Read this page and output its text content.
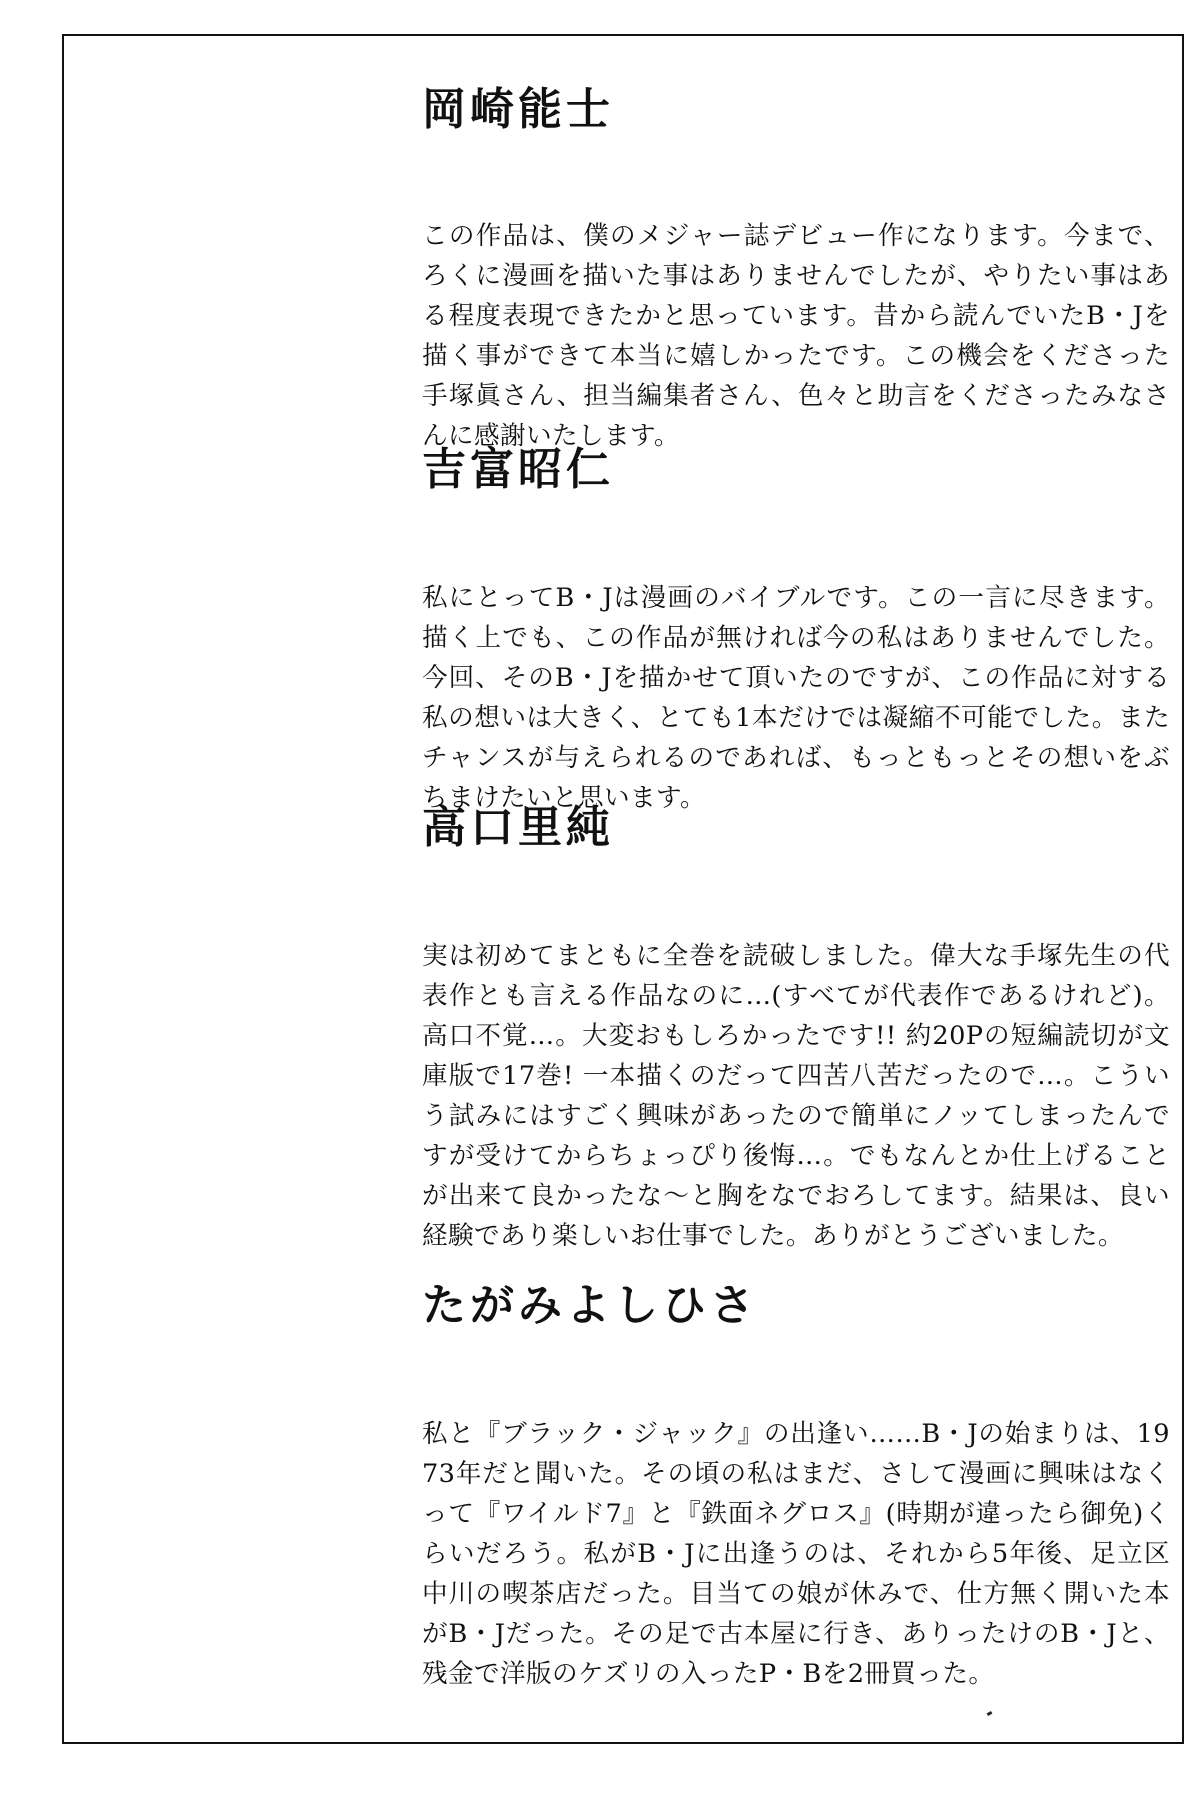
岡崎能士

この作品は、僕のメジャー誌デビュー作になります。今まで、ろくに漫画を描いた事はありませんでしたが、やりたい事はある程度表現できたかと思っています。昔から読んでいたB・Jを描く事ができて本当に嬉しかったです。この機会をくださった手塚眞さん、担当編集者さん、色々と助言をくださったみなさんに感謝いたします。

吉富昭仁

私にとってB・Jは漫画のバイブルです。この一言に尽きます。描く上でも、この作品が無ければ今の私はありませんでした。今回、そのB・Jを描かせて頂いたのですが、この作品に対する私の想いは大きく、とても1本だけでは凝縮不可能でした。またチャンスが与えられるのであれば、もっともっとその想いをぶちまけたいと思います。

高口里純

実は初めてまともに全巻を読破しました。偉大な手塚先生の代表作とも言える作品なのに…(すべてが代表作であるけれど)。高口不覚…。大変おもしろかったです!! 約20Pの短編読切が文庫版で17巻! 一本描くのだって四苦八苦だったので…。こういう試みにはすごく興味があったので簡単にノッてしまったんですが受けてからちょっぴり後悔…。でもなんとか仕上げることが出来て良かったな〜と胸をなでおろしてます。結果は、良い経験であり楽しいお仕事でした。ありがとうございました。

たがみよしひさ

私と『ブラック・ジャック』の出逢い……B・Jの始まりは、1973年だと聞いた。その頃の私はまだ、さして漫画に興味はなくって『ワイルド7』と『鉄面ネグロス』(時期が違ったら御免)くらいだろう。私がB・Jに出逢うのは、それから5年後、足立区中川の喫茶店だった。目当ての娘が休みで、仕方無く開いた本がB・Jだった。その足で古本屋に行き、ありったけのB・Jと、残金で洋版のケズリの入ったP・Bを2冊買った。
